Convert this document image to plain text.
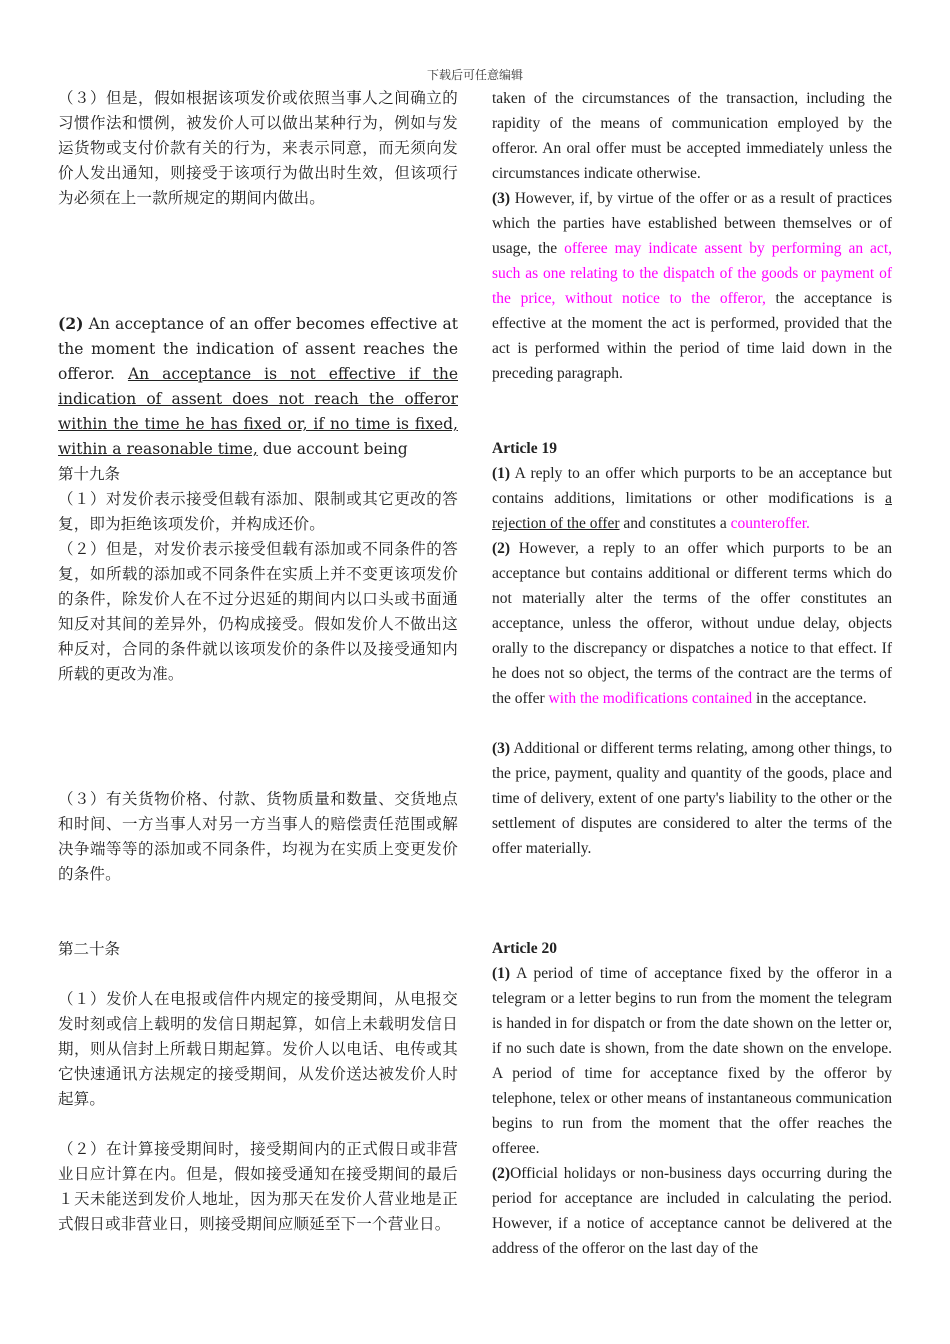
下载后可任意编辑

（３）但是，假如根据该项发价或依照当事人之间确立的习惯作法和惯例，被发价人可以做出某种行为，例如与发运货物或支付价款有关的行为，来表示同意，而无须向发价人发出通知，则接受于该项行为做出时生效，但该项行为必须在上一款所规定的期间内做出。

(2) An acceptance of an offer becomes effective at the moment the indication of assent reaches the offeror. An acceptance is not effective if the indication of assent does not reach the offeror within the time he has fixed or, if no time is fixed, within a reasonable time, due account being

第十九条

（１）对发价表示接受但载有添加、限制或其它更改的答复，即为拒绝该项发价，并构成还价。

（２）但是，对发价表示接受但载有添加或不同条件的答复，如所载的添加或不同条件在实质上并不变更该项发价的条件，除发价人在不过分迟延的期间内以口头或书面通知反对其间的差异外，仍构成接受。假如发价人不做出这种反对，合同的条件就以该项发价的条件以及接受通知内所载的更改为准。

（３）有关货物价格、付款、货物质量和数量、交货地点和时间、一方当事人对另一方当事人的赔偿责任范围或解决争端等等的添加或不同条件，均视为在实质上变更发价的条件。

第二十条

（１）发价人在电报或信件内规定的接受期间，从电报交发时刻或信上载明的发信日期起算，如信上未载明发信日期，则从信封上所载日期起算。发价人以电话、电传或其它快速通讯方法规定的接受期间，从发价送达被发价人时起算。

（２）在计算接受期间时，接受期间内的正式假日或非营业日应计算在内。但是，假如接受通知在接受期间的最后１天未能送到发价人地址，因为那天在发价人营业地是正式假日或非营业日，则接受期间应顺延至下一个营业日。

taken of the circumstances of the transaction, including the rapidity of the means of communication employed by the offeror. An oral offer must be accepted immediately unless the circumstances indicate otherwise.

(3) However, if, by virtue of the offer or as a result of practices which the parties have established between themselves or of usage, the offeree may indicate assent by performing an act, such as one relating to the dispatch of the goods or payment of the price, without notice to the offeror, the acceptance is effective at the moment the act is performed, provided that the act is performed within the period of time laid down in the preceding paragraph.

Article 19

(1) A reply to an offer which purports to be an acceptance but contains additions, limitations or other modifications is a rejection of the offer and constitutes a counteroffer.

(2) However, a reply to an offer which purports to be an acceptance but contains additional or different terms which do not materially alter the terms of the offer constitutes an acceptance, unless the offeror, without undue delay, objects orally to the discrepancy or dispatches a notice to that effect. If he does not so object, the terms of the contract are the terms of the offer with the modifications contained in the acceptance.

(3) Additional or different terms relating, among other things, to the price, payment, quality and quantity of the goods, place and time of delivery, extent of one party's liability to the other or the settlement of disputes are considered to alter the terms of the offer materially.

Article 20

(1) A period of time of acceptance fixed by the offeror in a telegram or a letter begins to run from the moment the telegram is handed in for dispatch or from the date shown on the letter or, if no such date is shown, from the date shown on the envelope. A period of time for acceptance fixed by the offeror by telephone, telex or other means of instantaneous communication begins to run from the moment that the offer reaches the offeree.

(2)Official holidays or non-business days occurring during the period for acceptance are included in calculating the period. However, if a notice of acceptance cannot be delivered at the address of the offeror on the last day of the
